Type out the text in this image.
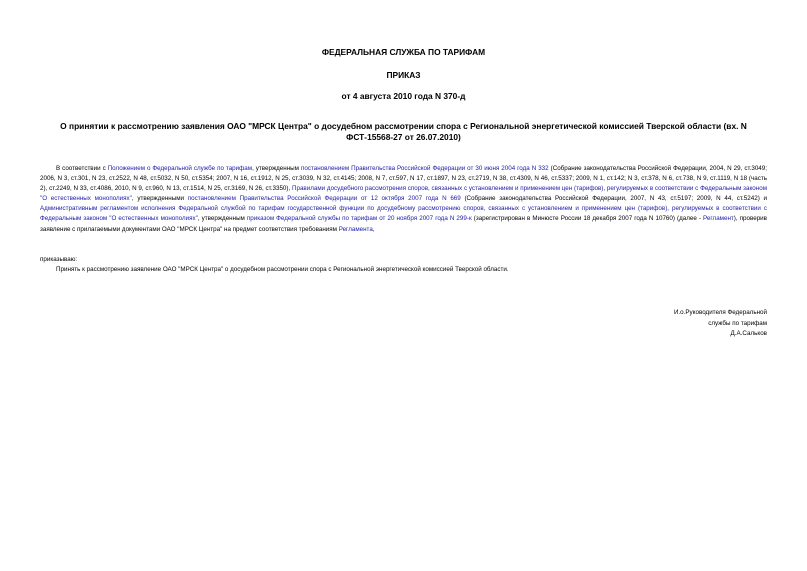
ФЕДЕРАЛЬНАЯ СЛУЖБА ПО ТАРИФАМ
ПРИКАЗ
от 4 августа 2010 года N 370-д
О принятии к рассмотрению заявления ОАО "МРСК Центра" о досудебном рассмотрении спора с Региональной энергетической комиссией Тверской области (вх. N ФСТ-15568-27 от 26.07.2010)
В соответствии с Положением о Федеральной службе по тарифам, утвержденным постановлением Правительства Российской Федерации от 30 июня 2004 года N 332 (Собрание законодательства Российской Федерации, 2004, N 29, ст.3049; 2006, N 3, ст.301, N 23, ст.2522, N 48, ст.5032, N 50, ст.5354; 2007, N 16, ст.1912, N 25, ст.3039, N 32, ст.4145; 2008, N 7, ст.597, N 17, ст.1897, N 23, ст.2719, N 38, ст.4309, N 46, ст.5337; 2009, N 1, ст.142; N 3, ст.378, N 6, ст.738, N 9, ст.1119, N 18 (часть 2), ст.2249, N 33, ст.4086, 2010, N 9, ст.960, N 13, ст.1514, N 25, ст.3169, N 26, ст.3350), Правилами досудебного рассмотрения споров, связанных с установлением и применением цен (тарифов), регулируемых в соответствии с Федеральным законом "О естественных монополиях", утвержденными постановлением Правительства Российской Федерации от 12 октября 2007 года N 669 (Собрание законодательства Российской Федерации, 2007, N 43, ст.5197; 2009, N 44, ст.5242) и Административным регламентом исполнения Федеральной службой по тарифам государственной функции по досудебному рассмотрению споров, связанных с установлением и применением цен (тарифов), регулируемых в соответствии с Федеральным законом "О естественных монополиях", утвержденным приказом Федеральной службы по тарифам от 20 ноября 2007 года N 299-к (зарегистрирован в Минюсте России 18 декабря 2007 года N 10760) (далее - Регламент), проверив заявление с прилагаемыми документами ОАО "МРСК Центра" на предмет соответствия требованиям Регламента,
приказываю:
Принять к рассмотрению заявление ОАО "МРСК Центра" о досудебном рассмотрении спора с Региональной энергетической комиссией Тверской области.
И.о.Руководителя Федеральной
службы по тарифам
Д.А.Сальков
